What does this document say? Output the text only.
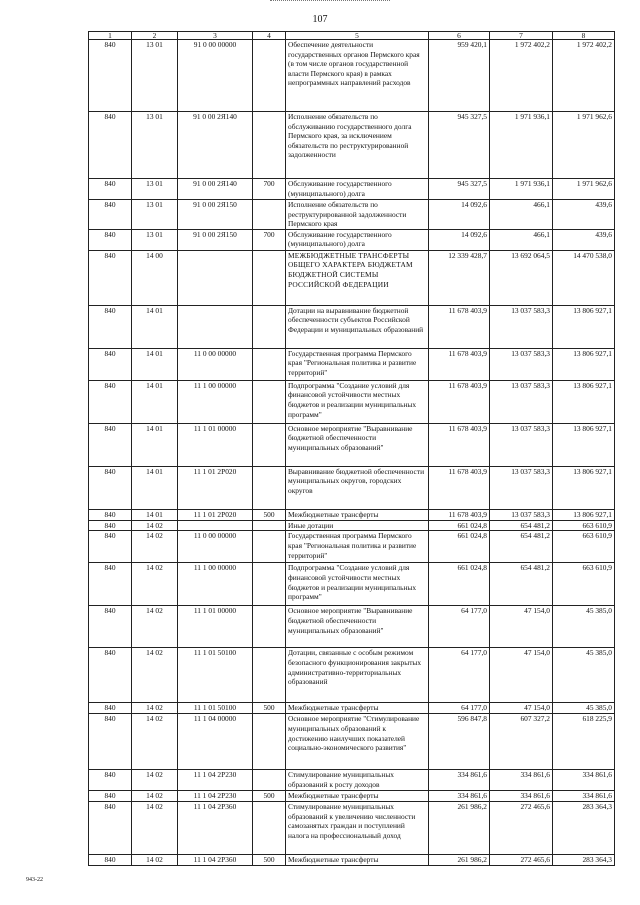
107
1	2	3	4	5	6	7	8
840	13 01	91 0 00 00000		Обеспечение деятельности государственных органов Пермского края (в том числе органов государственной власти Пермского края) в рамках непрограммных направлений расходов	959 420,1	1 972 402,2	1 972 402,2
840	13 01	91 0 00 2Я140		Исполнение обязательств по обслуживанию государственного долга Пермского края, за исключением обязательств по реструктурированной задолженности	945 327,5	1 971 936,1	1 971 962,6
840	13 01	91 0 00 2Я140	700	Обслуживание государственного (муниципального) долга	945 327,5	1 971 936,1	1 971 962,6
840	13 01	91 0 00 2Я150		Исполнение обязательств по реструктурированной задолженности Пермского края	14 092,6	466,1	439,6
840	13 01	91 0 00 2Я150	700	Обслуживание государственного (муниципального) долга	14 092,6	466,1	439,6
840	14 00			МЕЖБЮДЖЕТНЫЕ ТРАНСФЕРТЫ ОБЩЕГО ХАРАКТЕРА БЮДЖЕТАМ БЮДЖЕТНОЙ СИСТЕМЫ РОССИЙСКОЙ ФЕДЕРАЦИИ	12 339 428,7	13 692 064,5	14 470 538,0
840	14 01			Дотации на выравнивание бюджетной обеспеченности субъектов Российской Федерации и муниципальных образований	11 678 403,9	13 037 583,3	13 806 927,1
840	14 01	11 0 00 00000		Государственная программа Пермского края "Региональная политика и развитие территорий"	11 678 403,9	13 037 583,3	13 806 927,1
840	14 01	11 1 00 00000		Подпрограмма "Создание условий для финансовой устойчивости местных бюджетов и реализации муниципальных программ"	11 678 403,9	13 037 583,3	13 806 927,1
840	14 01	11 1 01 00000		Основное мероприятие "Выравнивание бюджетной обеспеченности муниципальных образований"	11 678 403,9	13 037 583,3	13 806 927,1
840	14 01	11 1 01 2P020		Выравнивание бюджетной обеспеченности муниципальных округов, городских округов	11 678 403,9	13 037 583,3	13 806 927,1
840	14 01	11 1 01 2P020	500	Межбюджетные трансферты	11 678 403,9	13 037 583,3	13 806 927,1
840	14 02			Иные дотации	661 024,8	654 481,2	663 610,9
840	14 02	11 0 00 00000		Государственная программа Пермского края "Региональная политика и развитие территорий"	661 024,8	654 481,2	663 610,9
840	14 02	11 1 00 00000		Подпрограмма "Создание условий для финансовой устойчивости местных бюджетов и реализации муниципальных программ"	661 024,8	654 481,2	663 610,9
840	14 02	11 1 01 00000		Основное мероприятие "Выравнивание бюджетной обеспеченности муниципальных образований"	64 177,0	47 154,0	45 385,0
840	14 02	11 1 01 50100		Дотации, связанные с особым режимом безопасного функционирования закрытых административно-территориальных образований	64 177,0	47 154,0	45 385,0
840	14 02	11 1 01 50100	500	Межбюджетные трансферты	64 177,0	47 154,0	45 385,0
840	14 02	11 1 04 00000		Основное мероприятие "Стимулирование муниципальных образований к достижению наилучших показателей социально-экономического развития"	596 847,8	607 327,2	618 225,9
840	14 02	11 1 04 2P230		Стимулирование муниципальных образований к росту доходов	334 861,6	334 861,6	334 861,6
840	14 02	11 1 04 2P230	500	Межбюджетные трансферты	334 861,6	334 861,6	334 861,6
840	14 02	11 1 04 2P360		Стимулирование муниципальных образований к увеличению численности самозанятых граждан и поступлений налога на профессиональный доход	261 986,2	272 465,6	283 364,3
840	14 02	11 1 04 2P360	500	Межбюджетные трансферты	261 986,2	272 465,6	283 364,3
943-22
